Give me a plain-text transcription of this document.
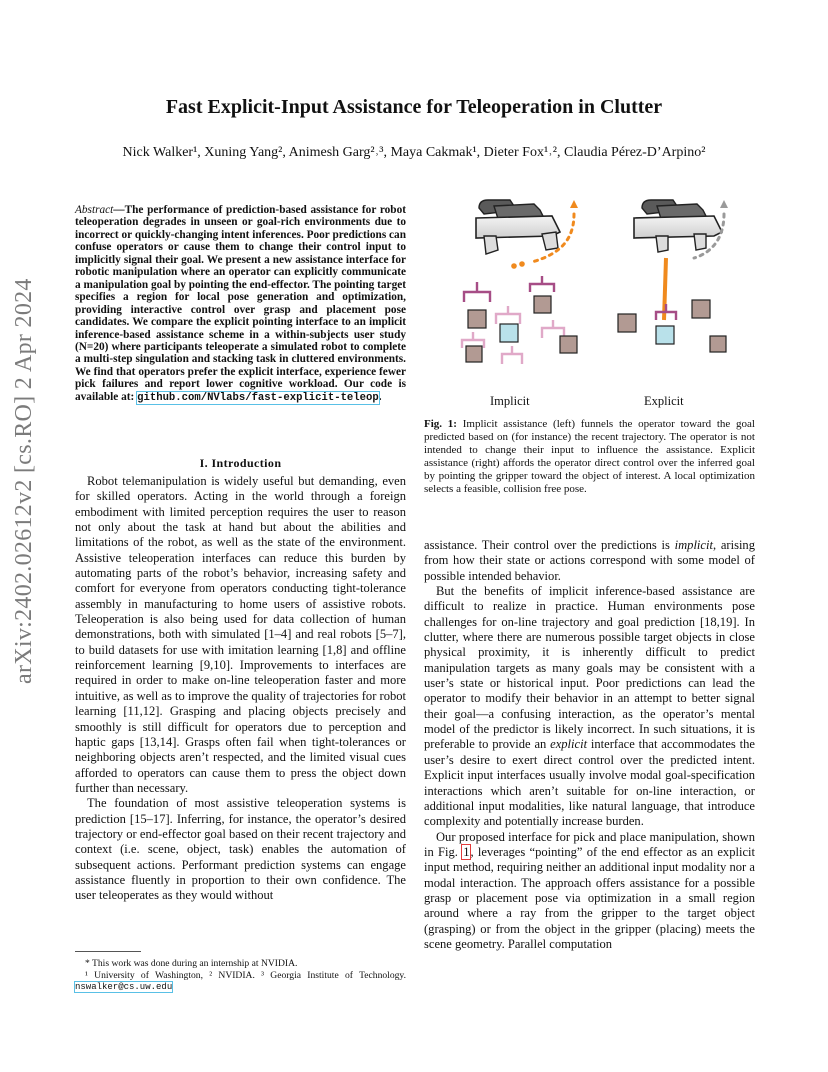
arXiv:2402.02612v2 [cs.RO] 2 Apr 2024
Fast Explicit-Input Assistance for Teleoperation in Clutter

Nick Walker¹, Xuning Yang², Animesh Garg²˒³, Maya Cakmak¹, Dieter Fox¹˒², Claudia Pérez-D’Arpino²

Abstract—The performance of prediction-based assistance for robot teleoperation degrades in unseen or goal-rich environments due to incorrect or quickly-changing intent inferences. Poor predictions can confuse operators or cause them to change their control input to implicitly signal their goal. We present a new assistance interface for robotic manipulation where an operator can explicitly communicate a manipulation goal by pointing the end-effector. The pointing target specifies a region for local pose generation and optimization, providing interactive control over grasp and placement pose candidates. We compare the explicit pointing interface to an implicit inference-based assistance scheme in a within-subjects user study (N=20) where participants teleoperate a simulated robot to complete a multi-step singulation and stacking task in cluttered environments. We find that operators prefer the explicit interface, experience fewer pick failures and report lower cognitive workload. Our code is available at: github.com/NVlabs/fast-explicit-teleop.

I. Introduction

Robot telemanipulation is widely useful but demanding, even for skilled operators. Acting in the world through a foreign embodiment with limited perception requires the user to reason not only about the task at hand but about the abilities and limitations of the robot, as well as the state of the environment. Assistive teleoperation interfaces can reduce this burden by automating parts of the robot’s behavior, increasing safety and comfort for everyone from operators conducting tight-tolerance assembly in manufacturing to home users of assistive robots. Teleoperation is also being used for data collection of human demonstrations, both with simulated [1–4] and real robots [5–7], to build datasets for use with imitation learning [1,8] and offline reinforcement learning [9,10]. Improvements to interfaces are required in order to make on-line teleoperation faster and more intuitive, as well as to improve the quality of trajectories for robot learning [11,12]. Grasping and placing objects precisely and smoothly is still difficult for operators due to perception and haptic gaps [13,14]. Grasps often fail when tight-tolerances or neighboring objects aren’t respected, and the limited visual cues afforded to operators can cause them to press the object down further than necessary.

The foundation of most assistive teleoperation systems is prediction [15–17]. Inferring, for instance, the operator’s desired trajectory or end-effector goal based on their recent trajectory and context (i.e. scene, object, task) enables the automation of subsequent actions. Performant prediction systems can engage assistance fluently in proportion to their own confidence. The user teleoperates as they would without

* This work was done during an internship at NVIDIA.

¹ University of Washington, ² NVIDIA. ³ Georgia Institute of Technology. nswalker@cs.uw.edu

Implicit	Explicit

Fig. 1: Implicit assistance (left) funnels the operator toward the goal predicted based on (for instance) the recent trajectory. The operator is not intended to change their input to influence the assistance. Explicit assistance (right) affords the operator direct control over the inferred goal by pointing the gripper toward the object of interest. A local optimization selects a feasible, collision free pose.

assistance. Their control over the predictions is implicit, arising from how their state or actions correspond with some model of possible intended behavior.

But the benefits of implicit inference-based assistance are difficult to realize in practice. Human environments pose challenges for on-line trajectory and goal prediction [18,19]. In clutter, where there are numerous possible target objects in close physical proximity, it is inherently difficult to predict manipulation targets as many goals may be consistent with a user’s state or historical input. Poor predictions can lead the operator to modify their behavior in an attempt to better signal their goal—a confusing interaction, as the operator’s mental model of the predictor is likely incorrect. In such situations, it is preferable to provide an explicit interface that accommodates the user’s desire to exert direct control over the predicted intent. Explicit input interfaces usually involve modal goal-specification interactions which aren’t suitable for on-line interaction, or additional input modalities, like natural language, that introduce complexity and potentially increase burden.

Our proposed interface for pick and place manipulation, shown in Fig. 1, leverages “pointing” of the end effector as an explicit input method, requiring neither an additional input modality nor a modal interaction. The approach offers assistance for a possible grasp or placement pose via optimization in a small region around where a ray from the gripper to the target object (grasping) or from the object in the gripper (placing) meets the scene geometry. Parallel computation
